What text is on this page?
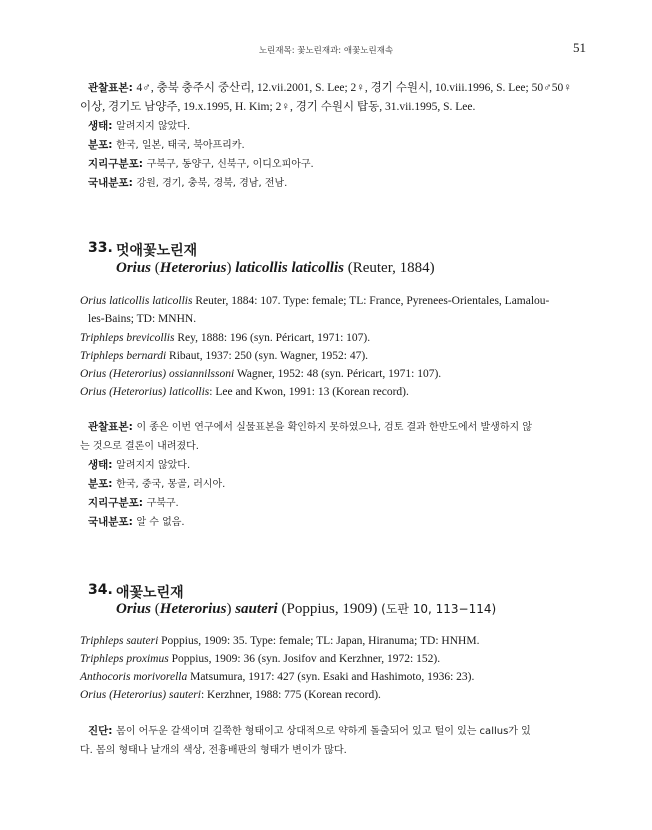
노린재목: 꽃노린재과: 애꽃노린재속	51
관찰표본: 4♂, 충북 충주시 중산리, 12.vii.2001, S. Lee; 2♀, 경기 수원시, 10.viii.1996, S. Lee; 50♂50♀
이상, 경기도 남양주, 19.x.1995, H. Kim; 2♀, 경기 수원시 탑동, 31.vii.1995, S. Lee.
생태: 알려지지 않았다.
분포: 한국, 일본, 태국, 북아프리카.
지리구분포: 구북구, 동양구, 신북구, 이디오피아구.
국내분포: 강원, 경기, 충북, 경북, 경남, 전남.
33. 멋애꽃노린재
Orius (Heterorius) laticollis laticollis (Reuter, 1884)
Orius laticollis laticollis Reuter, 1884: 107. Type: female; TL: France, Pyrenees-Orientales, Lamalou-
les-Bains; TD: MNHN.
Triphleps brevicollis Rey, 1888: 196 (syn. Péricart, 1971: 107).
Triphleps bernardi Ribaut, 1937: 250 (syn. Wagner, 1952: 47).
Orius (Heterorius) ossiannilssoni Wagner, 1952: 48 (syn. Péricart, 1971: 107).
Orius (Heterorius) laticollis: Lee and Kwon, 1991: 13 (Korean record).
관찰표본: 이 종은 이번 연구에서 실물표본을 확인하지 못하였으나, 검토 결과 한반도에서 발생하지 않
는 것으로 결론이 내려졌다.
생태: 알려지지 않았다.
분포: 한국, 중국, 몽골, 러시아.
지리구분포: 구북구.
국내분포: 알 수 없음.
34. 애꽃노린재
Orius (Heterorius) sauteri (Poppius, 1909) (도판 10, 113−114)
Triphleps sauteri Poppius, 1909: 35. Type: female; TL: Japan, Hiranuma; TD: HNHM.
Triphleps proximus Poppius, 1909: 36 (syn. Josifov and Kerzhner, 1972: 152).
Anthocoris morivorella Matsumura, 1917: 427 (syn. Esaki and Hashimoto, 1936: 23).
Orius (Heterorius) sauteri: Kerzhner, 1988: 775 (Korean record).
진단: 몸이 어두운 갈색이며 길쭉한 형태이고 상대적으로 약하게 돌출되어 있고 털이 있는 callus가 있
다. 몸의 형태나 날개의 색상, 전흉배판의 형태가 변이가 많다.
